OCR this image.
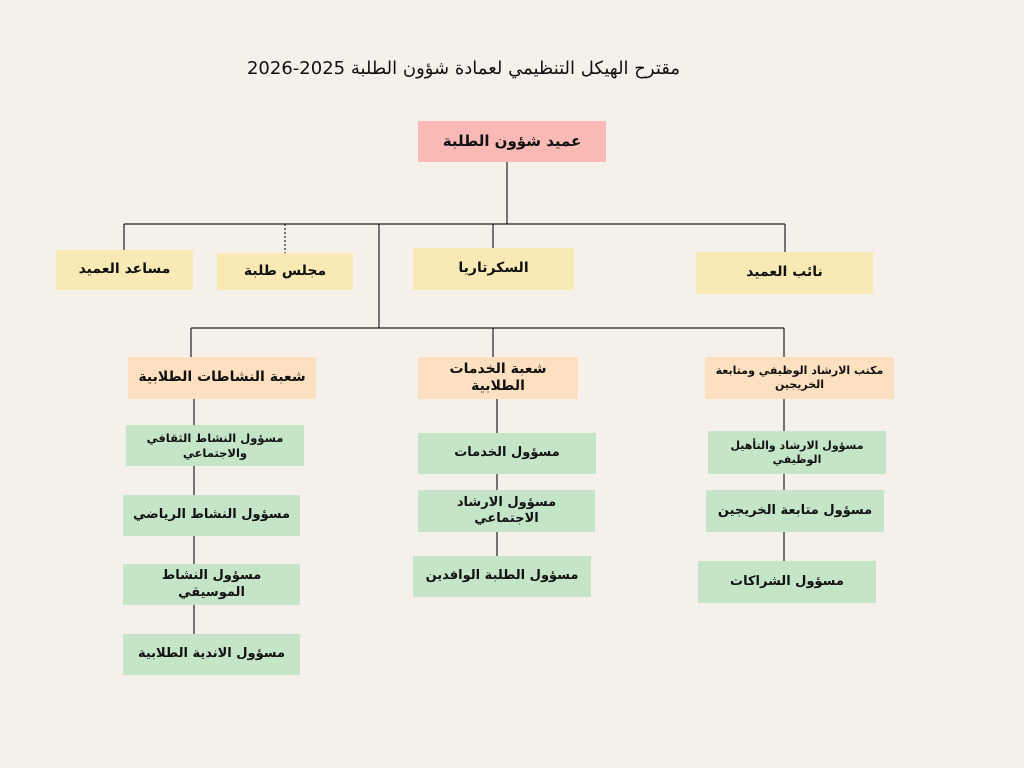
مقترح الهيكل التنظيمي لعمادة شؤون الطلبة 2025-2026
عميد شؤون الطلبة
مساعد العميد	مجلس طلبة	السكرتاريا	نائب العميد
شعبة النشاطات الطلابية
شعبة الخدمات الطلابية
مكتب الارشاد الوظيفي ومتابعة الخريجين
مسؤول النشاط الثقافي والاجتماعي
مسؤول النشاط الرياضي
مسؤول النشاط الموسيقي
مسؤول الاندية الطلابية
مسؤول الخدمات
مسؤول الارشاد الاجتماعي
مسؤول الطلبة الوافدين
مسؤول الارشاد والتأهيل الوظيفي
مسؤول متابعة الخريجين
مسؤول الشراكات
